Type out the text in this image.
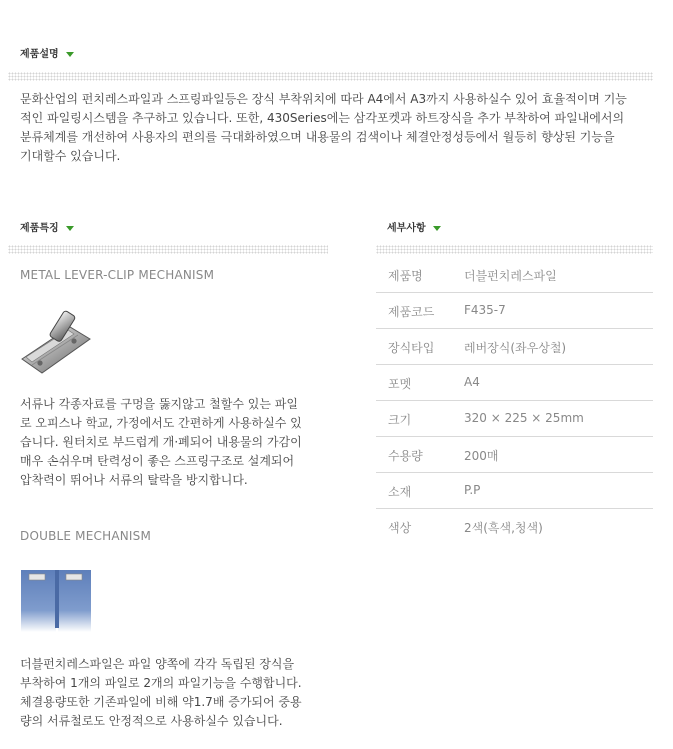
제품설명
문화산업의 펀치레스파일과 스프링파일등은 장식 부착위치에 따라 A4에서 A3까지 사용하실수 있어 효율적이며 기능
적인 파일링시스템을 추구하고 있습니다. 또한, 430Series에는 삼각포켓과 하트장식을 추가 부착하여 파일내에서의
분류체계를 개선하여 사용자의 편의를 극대화하였으며 내용물의 검색이나 체결안정성등에서 월등히 향상된 기능을
기대할수 있습니다.
제품특징
METAL LEVER-CLIP MECHANISM
서류나 각종자료를 구멍을 뚫지않고 철할수 있는 파일
로 오피스나 학교, 가정에서도 간편하게 사용하실수 있
습니다. 원터치로 부드럽게 개·폐되어 내용물의 가감이
매우 손쉬우며 탄력성이 좋은 스프링구조로 설계되어
압착력이 뛰어나 서류의 탈락을 방지합니다.
DOUBLE MECHANISM
더블펀치레스파일은 파일 양쪽에 각각 독립된 장식을
부착하여 1개의 파일로 2개의 파일기능을 수행합니다.
체결용량또한 기존파일에 비해 약1.7배 증가되어 중용
량의 서류철로도 안정적으로 사용하실수 있습니다.
세부사항
제품명	더블펀치레스파일
제품코드 F435-7
장식타입 레버장식(좌우상철)
포멧	A4
크기	320 × 225 × 25mm
수용량	200매
소재	P.P
색상	2색(흑색,청색)
